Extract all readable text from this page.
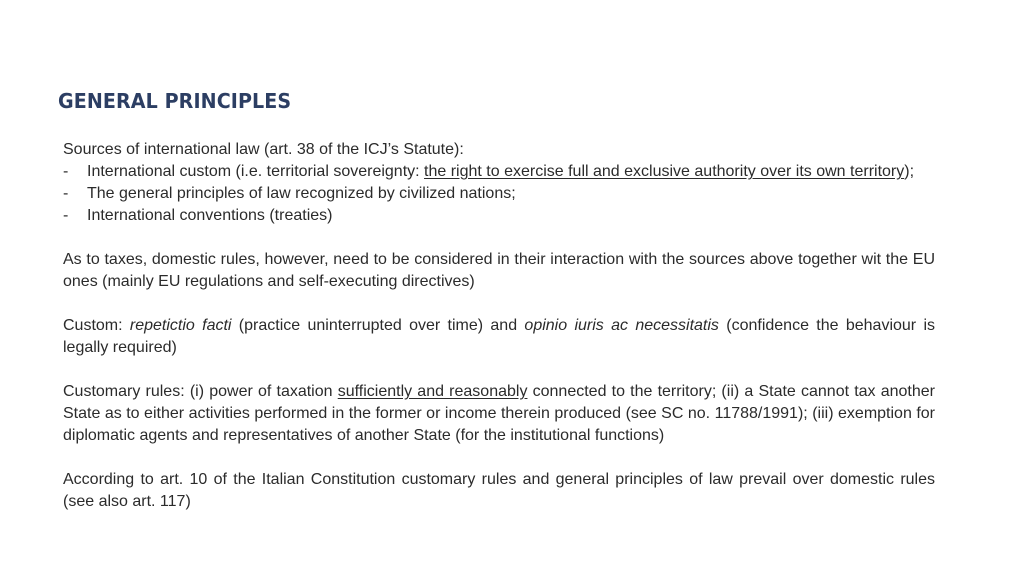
GENERAL PRINCIPLES

Sources of international law (art. 38 of the ICJ’s Statute):

- International custom (i.e. territorial sovereignty: the right to exercise full and exclusive authority over its own territory);
- The general principles of law recognized by civilized nations;
- International conventions (treaties)

As to taxes, domestic rules, however, need to be considered in their interaction with the sources above together wit the EU ones (mainly EU regulations and self-executing directives)

Custom: repetictio facti (practice uninterrupted over time) and opinio iuris ac necessitatis (confidence the behaviour is legally required)

Customary rules: (i) power of taxation sufficiently and reasonably connected to the territory; (ii) a State cannot tax another State as to either activities performed in the former or income therein produced (see SC no. 11788/1991); (iii) exemption for diplomatic agents and representatives of another State (for the institutional functions)

According to art. 10 of the Italian Constitution customary rules and general principles of law prevail over domestic rules (see also art. 117)
